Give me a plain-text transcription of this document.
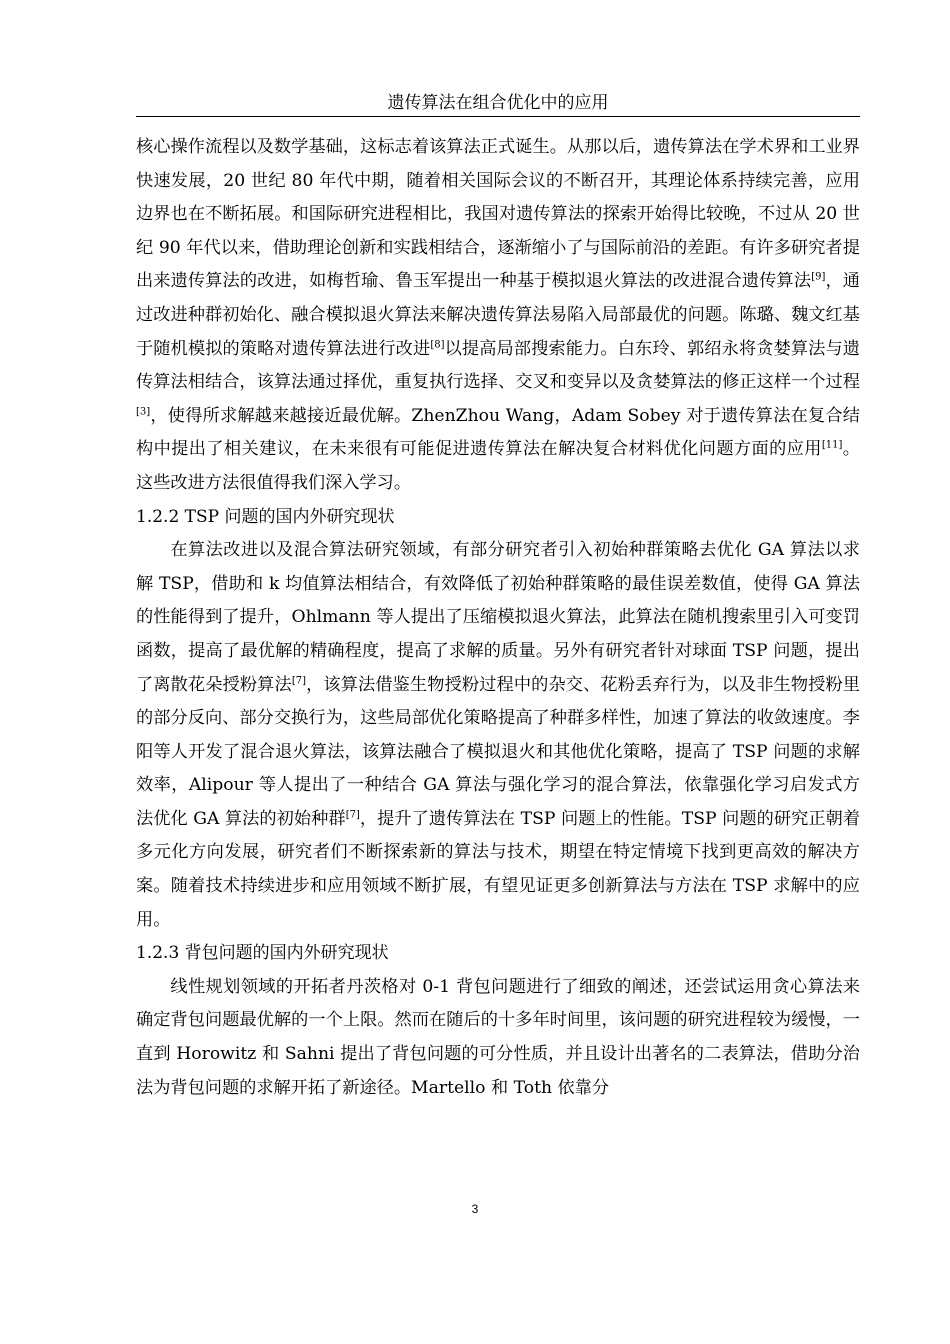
遗传算法在组合优化中的应用

核心操作流程以及数学基础，这标志着该算法正式诞生。从那以后，遗传算法在学术界和工业界快速发展，20 世纪 80 年代中期，随着相关国际会议的不断召开，其理论体系持续完善，应用边界也在不断拓展。和国际研究进程相比，我国对遗传算法的探索开始得比较晚，不过从 20 世纪 90 年代以来，借助理论创新和实践相结合，逐渐缩小了与国际前沿的差距。有许多研究者提出来遗传算法的改进，如梅哲瑜、鲁玉军提出一种基于模拟退火算法的改进混合遗传算法[9]，通过改进种群初始化、融合模拟退火算法来解决遗传算法易陷入局部最优的问题。陈璐、魏文红基于随机模拟的策略对遗传算法进行改进[8]以提高局部搜索能力。白东玲、郭绍永将贪婪算法与遗传算法相结合，该算法通过择优，重复执行选择、交叉和变异以及贪婪算法的修正这样一个过程[3]，使得所求解越来越接近最优解。ZhenZhou Wang，Adam Sobey 对于遗传算法在复合结构中提出了相关建议，在未来很有可能促进遗传算法在解决复合材料优化问题方面的应用[11]。这些改进方法很值得我们深入学习。

1.2.2 TSP 问题的国内外研究现状

在算法改进以及混合算法研究领域，有部分研究者引入初始种群策略去优化 GA 算法以求解 TSP，借助和 k 均值算法相结合，有效降低了初始种群策略的最佳误差数值，使得 GA 算法的性能得到了提升，Ohlmann 等人提出了压缩模拟退火算法，此算法在随机搜索里引入可变罚函数，提高了最优解的精确程度，提高了求解的质量。另外有研究者针对球面 TSP 问题，提出了离散花朵授粉算法[7]，该算法借鉴生物授粉过程中的杂交、花粉丢弃行为，以及非生物授粉里的部分反向、部分交换行为，这些局部优化策略提高了种群多样性，加速了算法的收敛速度。李阳等人开发了混合退火算法，该算法融合了模拟退火和其他优化策略，提高了 TSP 问题的求解效率，Alipour 等人提出了一种结合 GA 算法与强化学习的混合算法，依靠强化学习启发式方法优化 GA 算法的初始种群[7]，提升了遗传算法在 TSP 问题上的性能。TSP 问题的研究正朝着多元化方向发展，研究者们不断探索新的算法与技术，期望在特定情境下找到更高效的解决方案。随着技术持续进步和应用领域不断扩展，有望见证更多创新算法与方法在 TSP 求解中的应用。

1.2.3 背包问题的国内外研究现状

线性规划领域的开拓者丹茨格对 0-1 背包问题进行了细致的阐述，还尝试运用贪心算法来确定背包问题最优解的一个上限。然而在随后的十多年时间里，该问题的研究进程较为缓慢，一直到 Horowitz 和 Sahni 提出了背包问题的可分性质，并且设计出著名的二表算法，借助分治法为背包问题的求解开拓了新途径。Martello 和 Toth 依靠分

3
